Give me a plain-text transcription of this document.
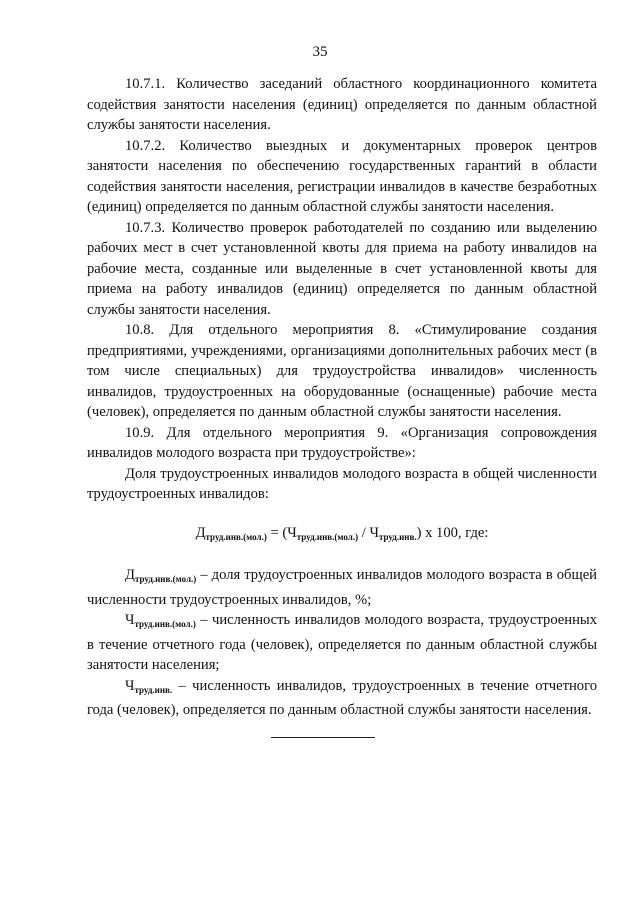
35

10.7.1. Количество заседаний областного координационного комитета содействия занятости населения (единиц) определяется по данным областной службы занятости населения.

10.7.2. Количество выездных и документарных проверок центров занятости населения по обеспечению государственных гарантий в области содействия занятости населения, регистрации инвалидов в качестве безработных (единиц) определяется по данным областной службы занятости населения.

10.7.3. Количество проверок работодателей по созданию или выделению рабочих мест в счет установленной квоты для приема на работу инвалидов на рабочие места, созданные или выделенные в счет установленной квоты для приема на работу инвалидов (единиц) определяется по данным областной службы занятости населения.

10.8. Для отдельного мероприятия 8. «Стимулирование создания предприятиями, учреждениями, организациями дополнительных рабочих мест (в том числе специальных) для трудоустройства инвалидов» численность инвалидов, трудоустроенных на оборудованные (оснащенные) рабочие места (человек), определяется по данным областной службы занятости населения.

10.9. Для отдельного мероприятия 9. «Организация сопровождения инвалидов молодого возраста при трудоустройстве»:

Доля трудоустроенных инвалидов молодого возраста в общей численности трудоустроенных инвалидов:

$Д_{труд.инв.(мол.)} = (Ч_{труд.инв.(мол.)} / Ч_{труд.инв.})$ х 100, где:

$Д_{труд.инв.(мол.)}$ – доля трудоустроенных инвалидов молодого возраста в общей численности трудоустроенных инвалидов, %;

$Ч_{труд.инв.(мол.)}$ – численность инвалидов молодого возраста, трудоустроенных в течение отчетного года (человек), определяется по данным областной службы занятости населения;

$Ч_{труд.инв.}$ – численность инвалидов, трудоустроенных в течение отчетного года (человек), определяется по данным областной службы занятости населения.
